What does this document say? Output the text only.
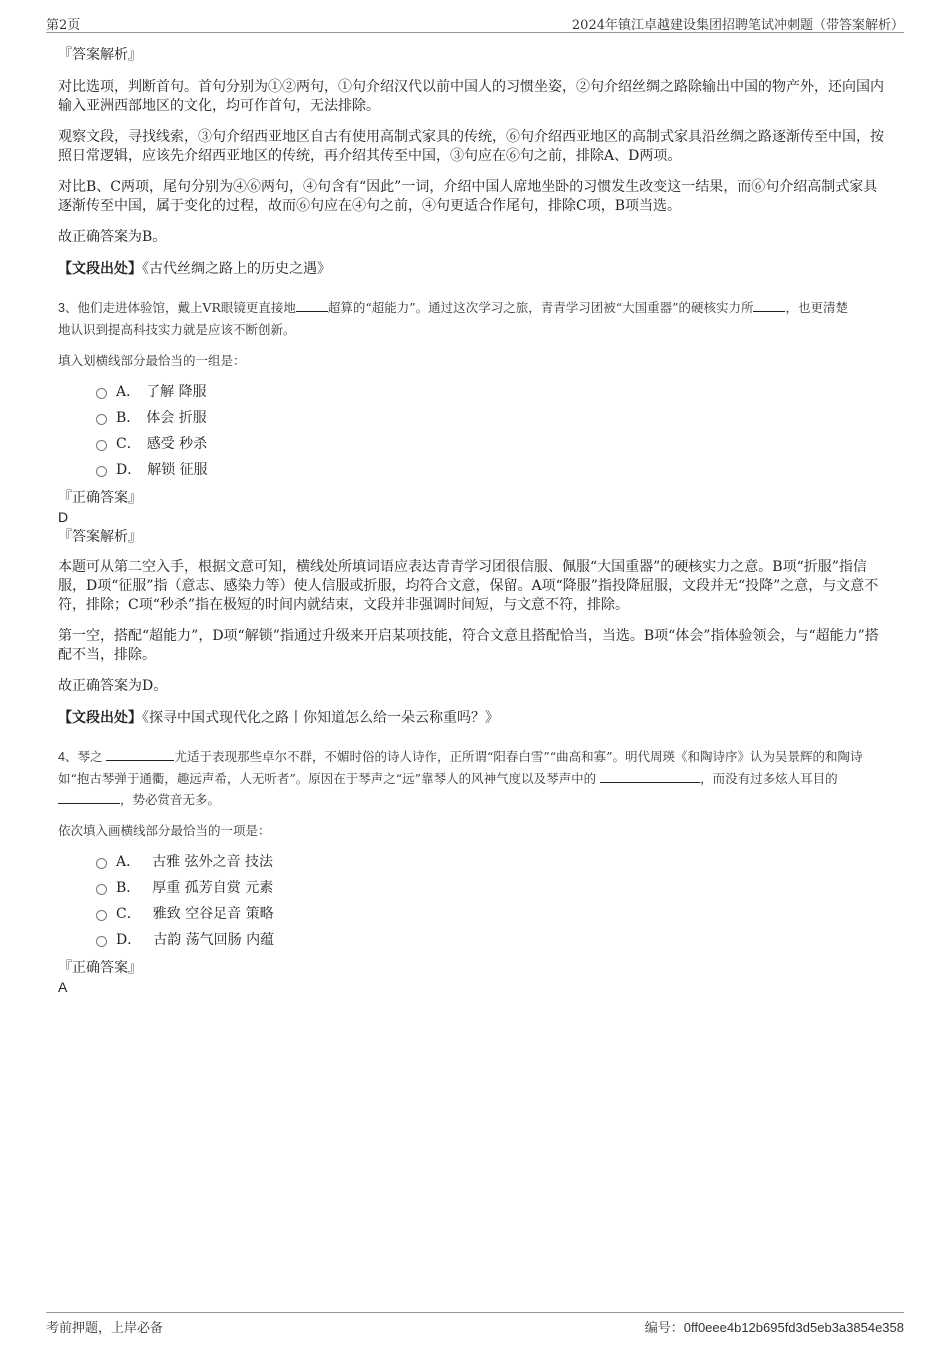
第2页	2024年镇江卓越建设集团招聘笔试冲刺题（带答案解析）

『答案解析』

对比选项，判断首句。首句分别为①②两句，①句介绍汉代以前中国人的习惯坐姿，②句介绍丝绸之路除输出中国的物产外，还向国内输入亚洲西部地区的文化，均可作首句，无法排除。

观察文段，寻找线索，③句介绍西亚地区自古有使用高制式家具的传统，⑥句介绍西亚地区的高制式家具沿丝绸之路逐渐传至中国，按照日常逻辑，应该先介绍西亚地区的传统，再介绍其传至中国，③句应在⑥句之前，排除A、D两项。

对比B、C两项，尾句分别为④⑥两句，④句含有“因此”一词，介绍中国人席地坐卧的习惯发生改变这一结果，而⑥句介绍高制式家具逐渐传至中国，属于变化的过程，故而⑥句应在④句之前，④句更适合作尾句，排除C项，B项当选。

故正确答案为B。

【文段出处】《古代丝绸之路上的历史之遇》

3、他们走进体验馆，戴上VR眼镜更直接地	超算的“超能力”。通过这次学习之旅，青青学习团被“大国重器”的硬核实力所	，也更清楚
地认识到提高科技实力就是应该不断创新。

填入划横线部分最恰当的一组是：

A． 了解 降服
B． 体会 折服
C． 感受 秒杀
D． 解锁 征服

『正确答案』

D

『答案解析』

本题可从第二空入手，根据文意可知，横线处所填词语应表达青青学习团很信服、佩服“大国重器”的硬核实力之意。B项“折服”指信服，D项“征服”指（意志、感染力等）使人信服或折服，均符合文意，保留。A项“降服”指投降屈服，文段并无“投降”之意，与文意不符，排除；C项“秒杀”指在极短的时间内就结束，文段并非强调时间短，与文意不符，排除。

第一空，搭配“超能力”，D项“解锁”指通过升级来开启某项技能，符合文意且搭配恰当，当选。B项“体会”指体验领会，与“超能力”搭配不当，排除。

故正确答案为D。

【文段出处】《探寻中国式现代化之路丨你知道怎么给一朵云称重吗？》

4、琴之	尤适于表现那些卓尔不群，不媚时俗的诗人诗作，正所谓“阳春白雪”“曲高和寡”。明代周瑛《和陶诗序》认为吴景辉的和陶诗如“抱古琴弹于通衢，趣远声希，人无听者”。原因在于琴声之“远”靠琴人的风神气度以及琴声中的	，而没有过多炫人耳目的
，势必赏音无多。

依次填入画横线部分最恰当的一项是：

A． 古雅 弦外之音 技法
B． 厚重 孤芳自赏 元素
C． 雅致 空谷足音 策略
D． 古韵 荡气回肠 内蕴

『正确答案』

A

考前押题，上岸必备	编号：0ff0eee4b12b695fd3d5eb3a3854e358
